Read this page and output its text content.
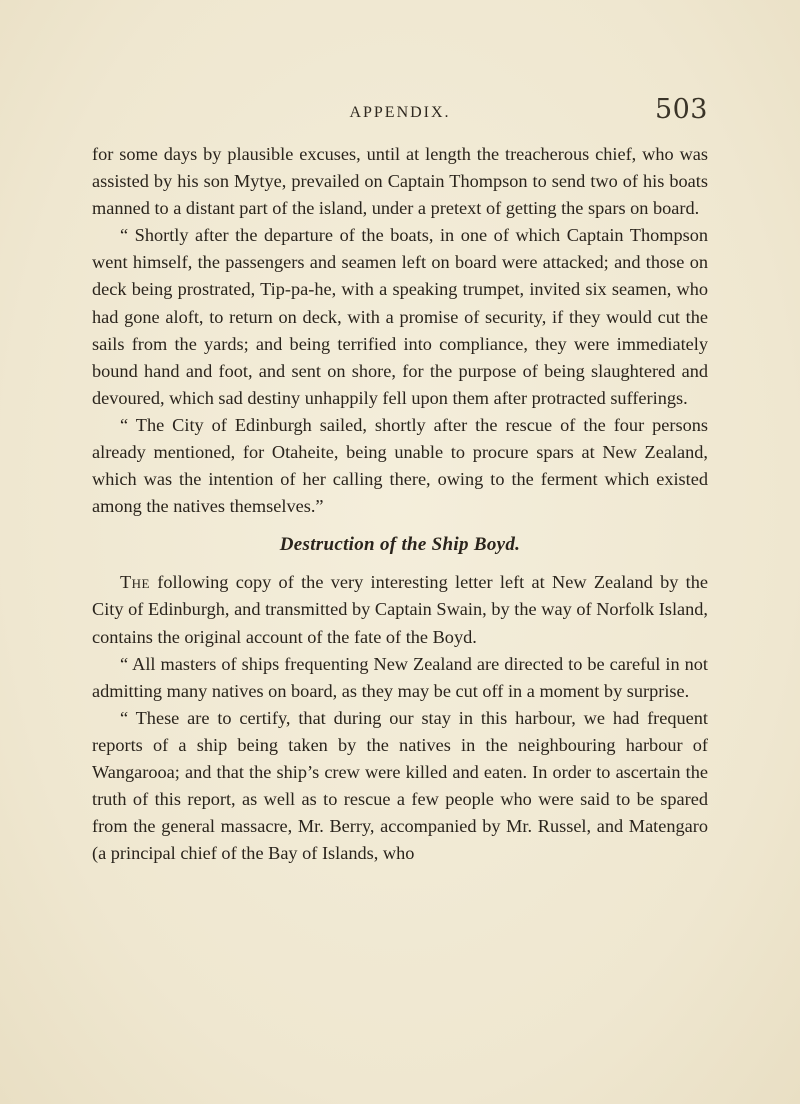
APPENDIX.	503

for some days by plausible excuses, until at length the treacherous chief, who was assisted by his son Mytye, prevailed on Captain Thompson to send two of his boats manned to a distant part of the island, under a pretext of getting the spars on board.

“ Shortly after the departure of the boats, in one of which Captain Thompson went himself, the passengers and seamen left on board were attacked; and those on deck being prostrated, Tip-pa-he, with a speaking trumpet, invited six seamen, who had gone aloft, to return on deck, with a promise of security, if they would cut the sails from the yards; and being terrified into compliance, they were immediately bound hand and foot, and sent on shore, for the purpose of being slaughtered and devoured, which sad destiny unhappily fell upon them after protracted sufferings.

“ The City of Edinburgh sailed, shortly after the rescue of the four persons already mentioned, for Otaheite, being unable to procure spars at New Zealand, which was the intention of her calling there, owing to the ferment which existed among the natives themselves.”

Destruction of the Ship Boyd.

The following copy of the very interesting letter left at New Zealand by the City of Edinburgh, and transmitted by Captain Swain, by the way of Norfolk Island, contains the original account of the fate of the Boyd.

“ All masters of ships frequenting New Zealand are directed to be careful in not admitting many natives on board, as they may be cut off in a moment by surprise.

“ These are to certify, that during our stay in this harbour, we had frequent reports of a ship being taken by the natives in the neighbouring harbour of Wangarooa; and that the ship’s crew were killed and eaten. In order to ascertain the truth of this report, as well as to rescue a few people who were said to be spared from the general massacre, Mr. Berry, accompanied by Mr. Russel, and Matengaro (a principal chief of the Bay of Islands, who
